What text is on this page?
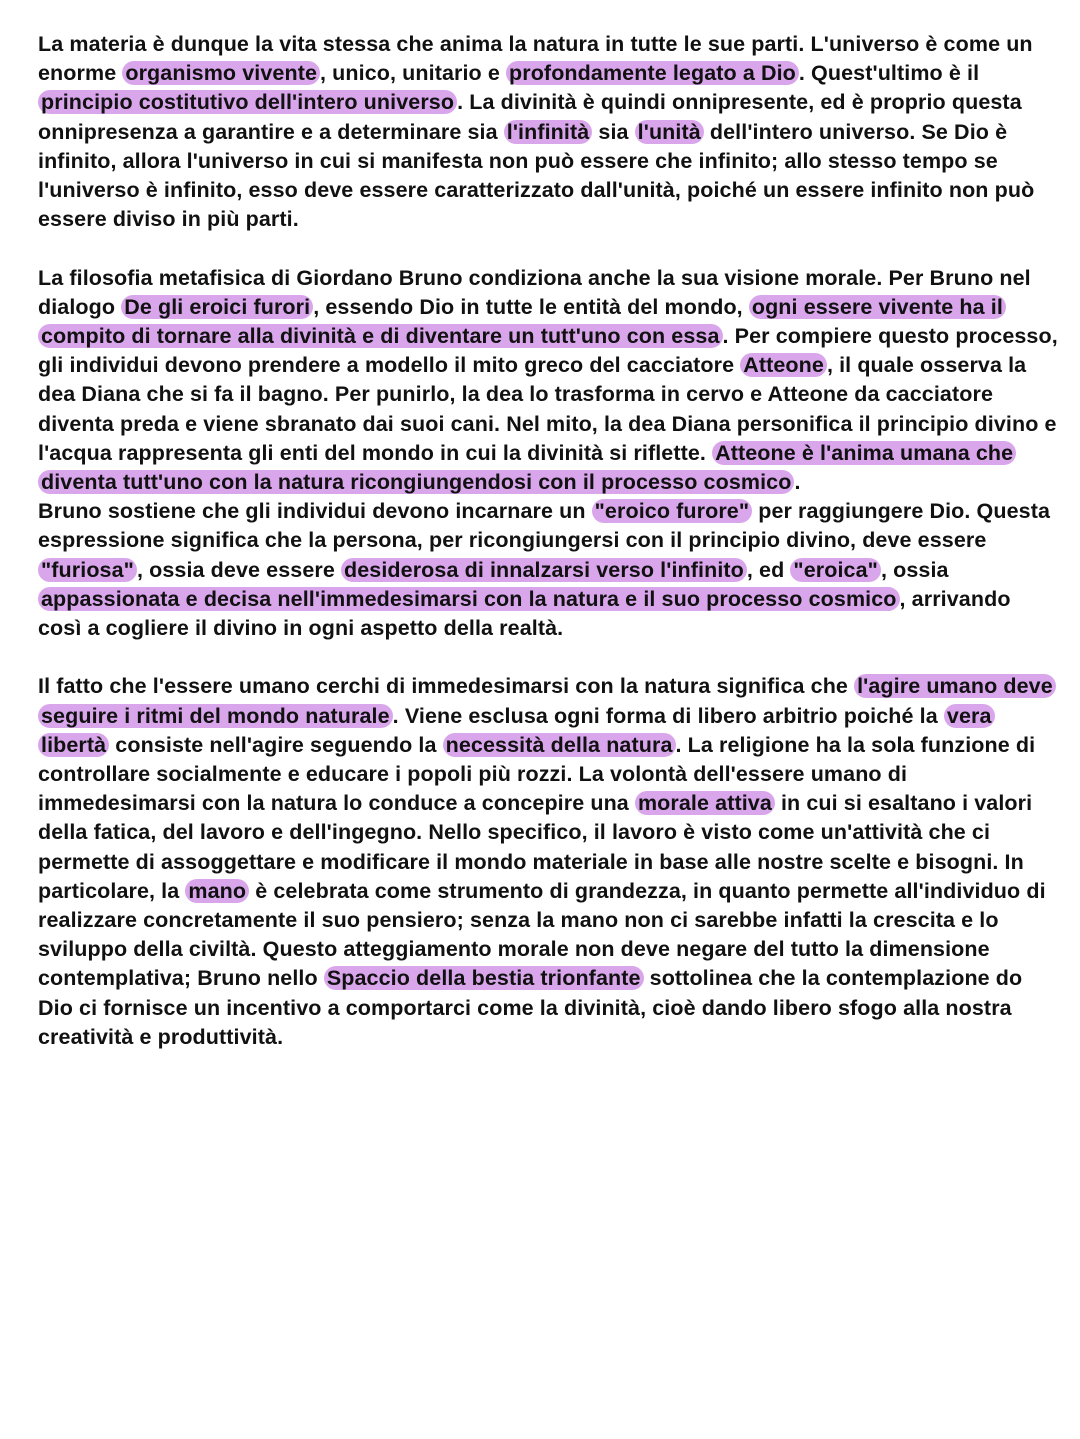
La materia è dunque la vita stessa che anima la natura in tutte le sue parti. L'universo è come un enorme organismo vivente , unico, unitario e profondamente legato a Dio . Quest'ultimo è il principio costitutivo dell'intero universo . La divinità è quindi onnipresente, ed è proprio questa onnipresenza a garantire e a determinare sia l'infinità sia l'unità dell'intero universo. Se Dio è infinito, allora l'universo in cui si manifesta non può essere che infinito; allo stesso tempo se l'universo è infinito, esso deve essere caratterizzato dall'unità, poiché un essere infinito non può essere diviso in più parti.

La filosofia metafisica di Giordano Bruno condiziona anche la sua visione morale. Per Bruno nel dialogo De gli eroici furori , essendo Dio in tutte le entità del mondo, ogni essere vivente ha il compito di tornare alla divinità e di diventare un tutt'uno con essa . Per compiere questo processo, gli individui devono prendere a modello il mito greco del cacciatore Atteone , il quale osserva la dea Diana che si fa il bagno. Per punirlo, la dea lo trasforma in cervo e Atteone da cacciatore diventa preda e viene sbranato dai suoi cani. Nel mito, la dea Diana personifica il principio divino e l'acqua rappresenta gli enti del mondo in cui la divinità si riflette. Atteone è l'anima umana che diventa tutt'uno con la natura ricongiungendosi con il processo cosmico .

Bruno sostiene che gli individui devono incarnare un "eroico furore" per raggiungere Dio. Questa espressione significa che la persona, per ricongiungersi con il principio divino, deve essere "furiosa" , ossia deve essere desiderosa di innalzarsi verso l'infinito , ed "eroica" , ossia appassionata e decisa nell'immedesimarsi con la natura e il suo processo cosmico , arrivando così a cogliere il divino in ogni aspetto della realtà.

Il fatto che l'essere umano cerchi di immedesimarsi con la natura significa che l'agire umano deve seguire i ritmi del mondo naturale . Viene esclusa ogni forma di libero arbitrio poiché la vera libertà consiste nell'agire seguendo la necessità della natura . La religione ha la sola funzione di controllare socialmente e educare i popoli più rozzi. La volontà dell'essere umano di immedesimarsi con la natura lo conduce a concepire una morale attiva in cui si esaltano i valori della fatica, del lavoro e dell'ingegno. Nello specifico, il lavoro è visto come un'attività che ci permette di assoggettare e modificare il mondo materiale in base alle nostre scelte e bisogni. In particolare, la mano è celebrata come strumento di grandezza, in quanto permette all'individuo di realizzare concretamente il suo pensiero; senza la mano non ci sarebbe infatti la crescita e lo sviluppo della civiltà. Questo atteggiamento morale non deve negare del tutto la dimensione contemplativa; Bruno nello Spaccio della bestia trionfante sottolinea che la contemplazione do Dio ci fornisce un incentivo a comportarci come la divinità, cioè dando libero sfogo alla nostra creatività e produttività.
